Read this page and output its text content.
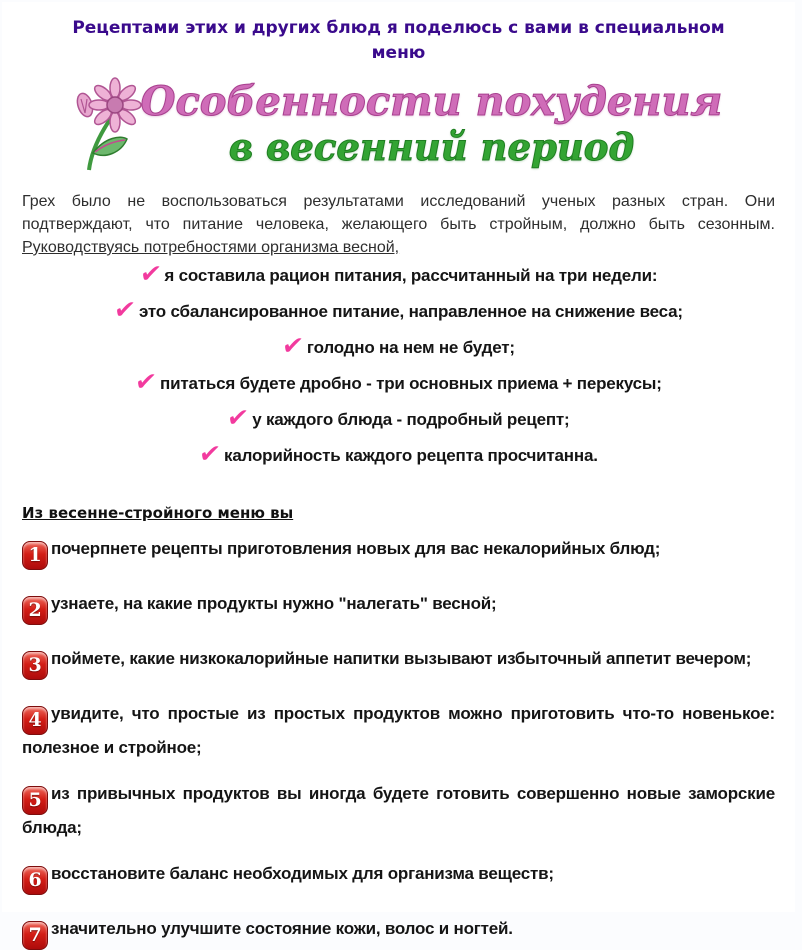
Рецептами этих и других блюд я поделюсь с вами в специальном меню
Особенности похудения
в весенний период

Грех было не воспользоваться результатами исследований ученых разных стран. Они подтверждают, что питание человека, желающего быть стройным, должно быть сезонным. Руководствуясь потребностями организма весной,

✔ я составила рацион питания, рассчитанный на три недели:
✔ это сбалансированное питание, направленное на снижение веса;
✔ голодно на нем не будет;
✔ питаться будете дробно - три основных приема + перекусы;
✔ у каждого блюда - подробный рецепт;
✔ калорийность каждого рецепта просчитанна.
Из весенне-стройного меню вы

1 почерпнете рецепты приготовления новых для вас некалорийных блюд;

2 узнаете, на какие продукты нужно "налегать" весной;

3 поймете, какие низкокалорийные напитки вызывают избыточный аппетит вечером;

4 увидите, что простые из простых продуктов можно приготовить что-то новенькое: полезное и стройное;

5 из привычных продуктов вы иногда будете готовить совершенно новые заморские блюда;

6 восстановите баланс необходимых для организма веществ;

7 значительно улучшите состояние кожи, волос и ногтей.
